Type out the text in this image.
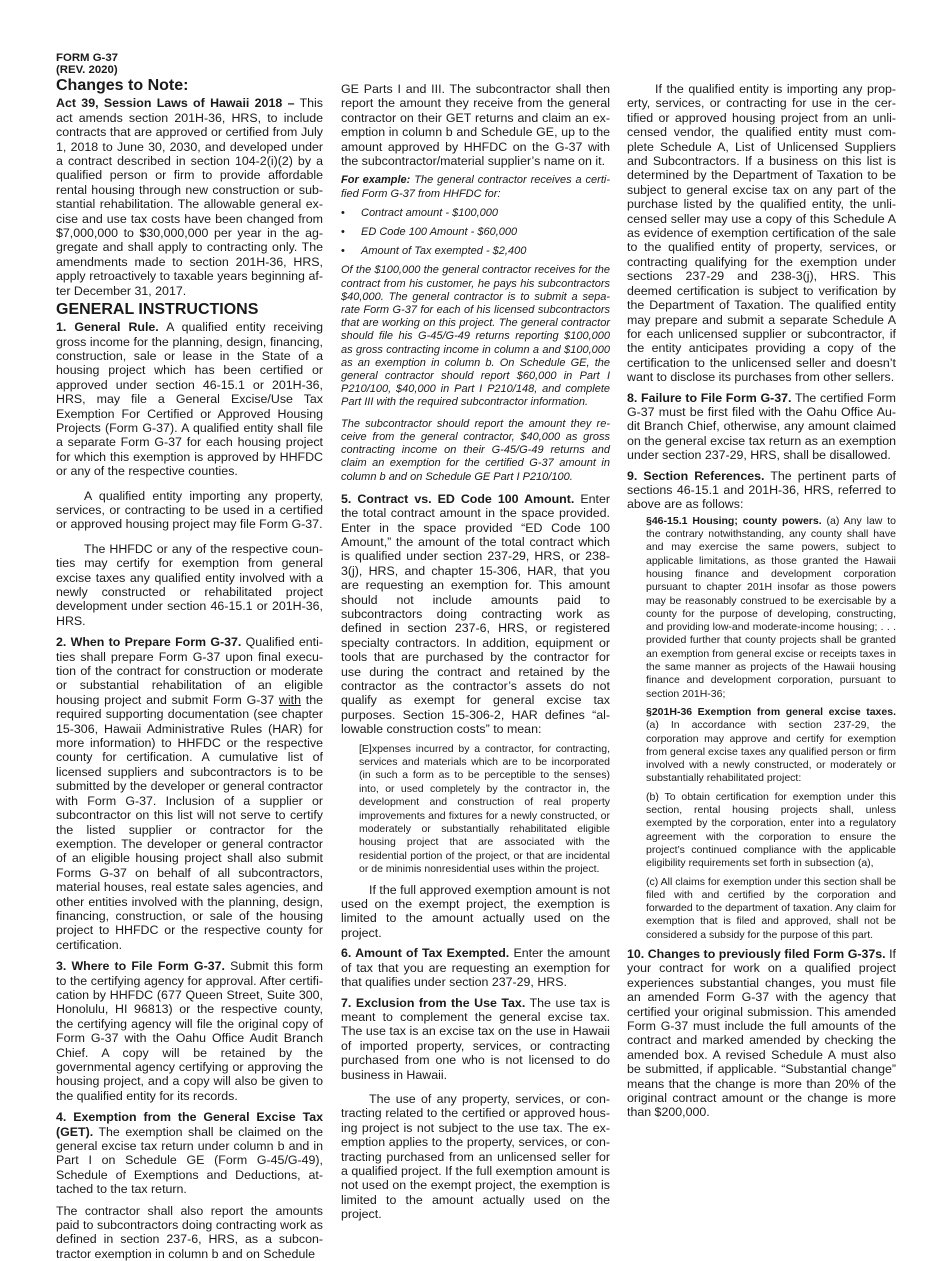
FORM G-37
(REV. 2020)
Changes to Note:

Act 39, Session Laws of Hawaii 2018 – This act amends section 201H-36, HRS, to include contracts that are approved or certified from July 1, 2018 to June 30, 2030, and developed under a contract described in section 104-2(i)(2) by a qualified person or firm to provide affordable rental housing through new construction or substantial rehabilitation. The allowable general excise and use tax costs have been changed from $7,000,000 to $30,000,000 per year in the aggregate and shall apply to contracting only. The amendments made to section 201H-36, HRS, apply retroactively to taxable years beginning after December 31, 2017.

GENERAL INSTRUCTIONS

1. General Rule. A qualified entity receiving gross income for the planning, design, financing, construction, sale or lease in the State of a housing project which has been certified or approved under section 46-15.1 or 201H-36, HRS, may file a General Excise/Use Tax Exemption For Certified or Approved Housing Projects (Form G-37). A qualified entity shall file a separate Form G-37 for each housing project for which this exemption is approved by HHFDC or any of the respective counties.

A qualified entity importing any property, services, or contracting to be used in a certified or approved housing project may file Form G-37.

The HHFDC or any of the respective counties may certify for exemption from general excise taxes any qualified entity involved with a newly constructed or rehabilitated project development under section 46-15.1 or 201H-36, HRS.

2. When to Prepare Form G-37. Qualified entities shall prepare Form G-37 upon final execution of the contract for construction or moderate or substantial rehabilitation of an eligible housing project and submit Form G-37 with the required supporting documentation (see chapter 15-306, Hawaii Administrative Rules (HAR) for more information) to HHFDC or the respective county for certification. A cumulative list of licensed suppliers and subcontractors is to be submitted by the developer or general contractor with Form G-37. Inclusion of a supplier or subcontractor on this list will not serve to certify the listed supplier or contractor for the exemption. The developer or general contractor of an eligible housing project shall also submit Forms G-37 on behalf of all subcontractors, material houses, real estate sales agencies, and other entities involved with the planning, design, financing, construction, or sale of the housing project to HHFDC or the respective county for certification.

3. Where to File Form G-37. Submit this form to the certifying agency for approval. After certification by HHFDC (677 Queen Street, Suite 300, Honolulu, HI 96813) or the respective county, the certifying agency will file the original copy of Form G-37 with the Oahu Office Audit Branch Chief. A copy will be retained by the governmental agency certifying or approving the housing project, and a copy will also be given to the qualified entity for its records.

4. Exemption from the General Excise Tax (GET). The exemption shall be claimed on the general excise tax return under column b and in Part I on Schedule GE (Form G-45/G-49), Schedule of Exemptions and Deductions, attached to the tax return.

The contractor shall also report the amounts paid to subcontractors doing contracting work as defined in section 237-6, HRS, as a subcontractor exemption in column b and on Schedule

GE Parts I and III. The subcontractor shall then report the amount they receive from the general contractor on their GET returns and claim an exemption in column b and Schedule GE, up to the amount approved by HHFDC on the G-37 with the subcontractor/material supplier’s name on it.

For example: The general contractor receives a certified Form G-37 from HHFDC for:

• Contract amount - $100,000
• ED Code 100 Amount - $60,000
• Amount of Tax exempted - $2,400

Of the $100,000 the general contractor receives for the contract from his customer, he pays his subcontractors $40,000. The general contractor is to submit a separate Form G-37 for each of his licensed subcontractors that are working on this project. The general contractor should file his G-45/G-49 returns reporting $100,000 as gross contracting income in column a and $100,000 as an exemption in column b. On Schedule GE, the general contractor should report $60,000 in Part I P210/100, $40,000 in Part I P210/148, and complete Part III with the required subcontractor information.

The subcontractor should report the amount they receive from the general contractor, $40,000 as gross contracting income on their G-45/G-49 returns and claim an exemption for the certified G-37 amount in column b and on Schedule GE Part I P210/100.

5. Contract vs. ED Code 100 Amount. Enter the total contract amount in the space provided. Enter in the space provided “ED Code 100 Amount,” the amount of the total contract which is qualified under section 237-29, HRS, or 238-3(j), HRS, and chapter 15-306, HAR, that you are requesting an exemption for. This amount should not include amounts paid to subcontractors doing contracting work as defined in section 237-6, HRS, or registered specialty contractors. In addition, equipment or tools that are purchased by the contractor for use during the contract and retained by the contractor as the contractor’s assets do not qualify as exempt for general excise tax purposes. Section 15-306-2, HAR defines “allowable construction costs” to mean:

[E]xpenses incurred by a contractor, for contracting, services and materials which are to be incorporated (in such a form as to be perceptible to the senses) into, or used completely by the contractor in, the development and construction of real property improvements and fixtures for a newly constructed, or moderately or substantially rehabilitated eligible housing project that are associated with the residential portion of the project, or that are incidental or de minimis nonresidential uses within the project.

If the full approved exemption amount is not used on the exempt project, the exemption is limited to the amount actually used on the project.

6. Amount of Tax Exempted. Enter the amount of tax that you are requesting an exemption for that qualifies under section 237-29, HRS.

7. Exclusion from the Use Tax. The use tax is meant to complement the general excise tax. The use tax is an excise tax on the use in Hawaii of imported property, services, or contracting purchased from one who is not licensed to do business in Hawaii.

The use of any property, services, or contracting related to the certified or approved housing project is not subject to the use tax. The exemption applies to the property, services, or contracting purchased from an unlicensed seller for a qualified project. If the full exemption amount is not used on the exempt project, the exemption is limited to the amount actually used on the project.

If the qualified entity is importing any property, services, or contracting for use in the certified or approved housing project from an unlicensed vendor, the qualified entity must complete Schedule A, List of Unlicensed Suppliers and Subcontractors. If a business on this list is determined by the Department of Taxation to be subject to general excise tax on any part of the purchase listed by the qualified entity, the unlicensed seller may use a copy of this Schedule A as evidence of exemption certification of the sale to the qualified entity of property, services, or contracting qualifying for the exemption under sections 237-29 and 238-3(j), HRS. This deemed certification is subject to verification by the Department of Taxation. The qualified entity may prepare and submit a separate Schedule A for each unlicensed supplier or subcontractor, if the entity anticipates providing a copy of the certification to the unlicensed seller and doesn’t want to disclose its purchases from other sellers.

8. Failure to File Form G-37. The certified Form G-37 must be first filed with the Oahu Office Audit Branch Chief, otherwise, any amount claimed on the general excise tax return as an exemption under section 237-29, HRS, shall be disallowed.

9. Section References. The pertinent parts of sections 46-15.1 and 201H-36, HRS, referred to above are as follows:

§46-15.1 Housing; county powers. (a) Any law to the contrary notwithstanding, any county shall have and may exercise the same powers, subject to applicable limitations, as those granted the Hawaii housing finance and development corporation pursuant to chapter 201H insofar as those powers may be reasonably construed to be exercisable by a county for the purpose of developing, constructing, and providing low-and moderate-income housing; . . . provided further that county projects shall be granted an exemption from general excise or receipts taxes in the same manner as projects of the Hawaii housing finance and development corporation, pursuant to section 201H-36;

§201H-36 Exemption from general excise taxes. (a) In accordance with section 237-29, the corporation may approve and certify for exemption from general excise taxes any qualified person or firm involved with a newly constructed, or moderately or substantially rehabilitated project:

(b) To obtain certification for exemption under this section, rental housing projects shall, unless exempted by the corporation, enter into a regulatory agreement with the corporation to ensure the project’s continued compliance with the applicable eligibility requirements set forth in subsection (a),

(c) All claims for exemption under this section shall be filed with and certified by the corporation and forwarded to the department of taxation. Any claim for exemption that is filed and approved, shall not be considered a subsidy for the purpose of this part.

10. Changes to previously filed Form G-37s. If your contract for work on a qualified project experiences substantial changes, you must file an amended Form G-37 with the agency that certified your original submission. This amended Form G-37 must include the full amounts of the contract and marked amended by checking the amended box. A revised Schedule A must also be submitted, if applicable. “Substantial change” means that the change is more than 20% of the original contract amount or the change is more than $200,000.
